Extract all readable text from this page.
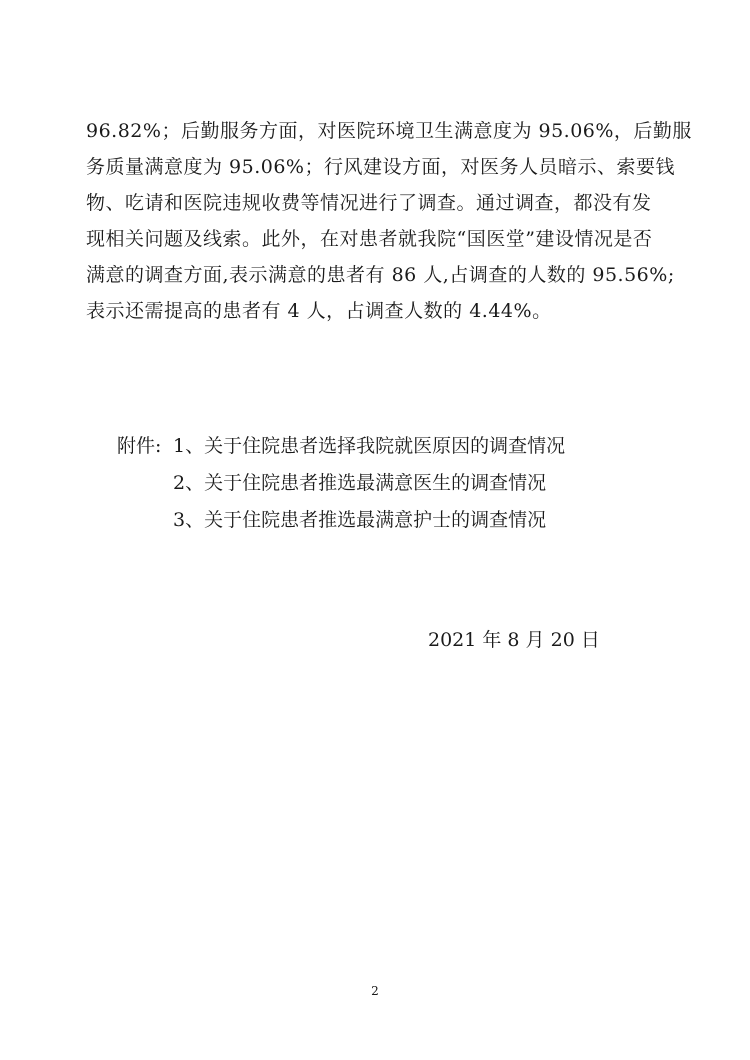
96.82%；后勤服务方面，对医院环境卫生满意度为 95.06%，后勤服
务质量满意度为 95.06%；行风建设方面，对医务人员暗示、索要钱
物、吃请和医院违规收费等情况进行了调查。通过调查，都没有发
现相关问题及线索。此外，在对患者就我院“国医堂”建设情况是否
满意的调查方面,表示满意的患者有 86 人,占调查的人数的 95.56%;
表示还需提高的患者有 4 人，占调查人数的 4.44%。
附件: 1、关于住院患者选择我院就医原因的调查情况
2、关于住院患者推选最满意医生的调查情况
3、关于住院患者推选最满意护士的调查情况
2021 年 8 月 20 日
2
